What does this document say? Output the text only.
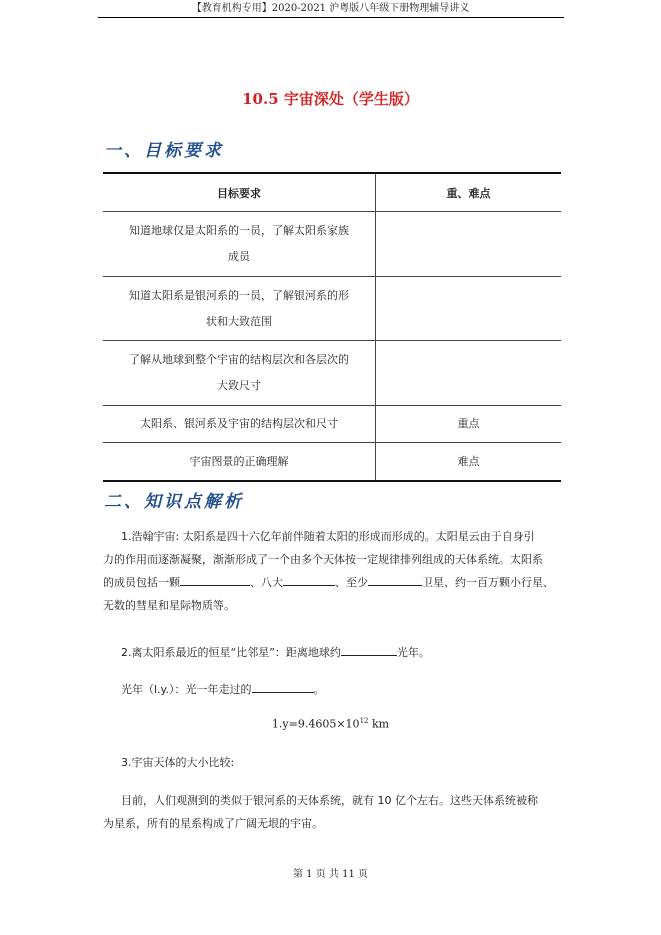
【教育机构专用】2020-2021 沪粤版八年级下册物理辅导讲义
10.5 宇宙深处（学生版）
一、目标要求
目标要求	重、难点

知道地球仅是太阳系的一员，了解太阳系家族
成员	

知道太阳系是银河系的一员，了解银河系的形
状和大致范围	

了解从地球到整个宇宙的结构层次和各层次的
大致尺寸	

太阳系、银河系及宇宙的结构层次和尺寸	重点
宇宙图景的正确理解	难点
二、知识点解析
1.浩翰宇宙: 太阳系是四十六亿年前伴随着太阳的形成而形成的。太阳星云由于自身引
力的作用而逐渐凝聚，渐渐形成了一个由多个天体按一定规律排列组成的天体系统。太阳系
的成员包括一颗	、八大	、至少	卫星、约一百万颗小行星、
无数的彗星和星际物质等。
2.离太阳系最近的恒星“比邻星”：距离地球约	光年。
光年（l.y.）：光一年走过的	。
$1.y=9.4605\times 10^{12}$ km
3.宇宙天体的大小比较:
目前，人们观测到的类似于银河系的天体系统，就有 10 亿个左右。这些天体系统被称
为星系，所有的星系构成了广阔无垠的宇宙。
第 1 页 共 11 页
